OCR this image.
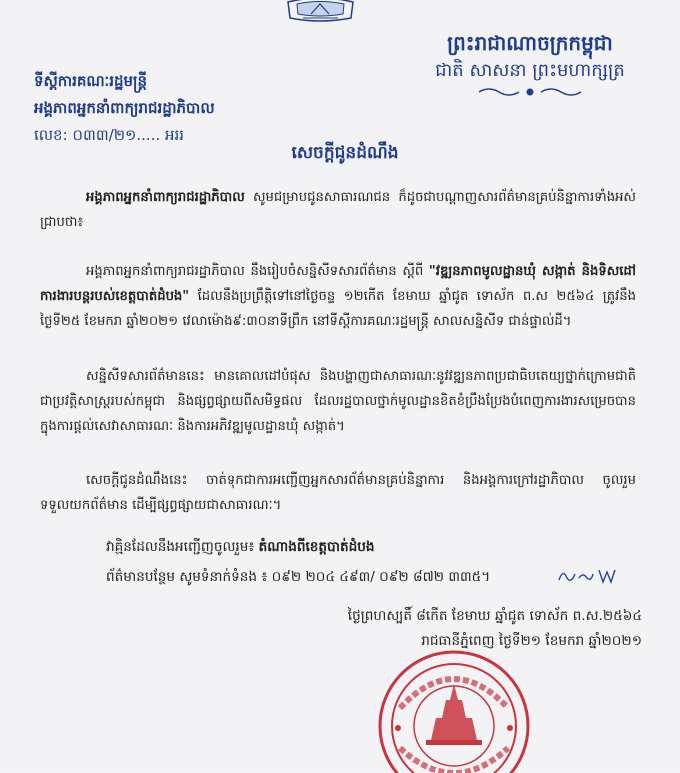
ព្រះរាជាណាចក្រកម្ពុជា
ជាតិ សាសនា ព្រះមហាក្សត្រ
ទីស្ដីការគណៈរដ្ឋមន្ត្រី
អង្គភាពអ្នកនាំពាក្យរាជរដ្ឋាភិបាល
លេខ: ០៣៣/២១..... អររ
សេចក្ដីជូនដំណឹង
អង្គភាពអ្នកនាំពាក្យរាជរដ្ឋាភិបាល សូមជម្រាបជូនសាធារណជន ក៏ដូចជាបណ្ដាញសារព័ត៌មានគ្រប់និន្នាការទាំងអស់ជ្រាបថា៖
អង្គភាពអ្នកនាំពាក្យរាជរដ្ឋាភិបាល នឹងរៀបចំសន្និសីទសារព័ត៌មាន ស្ដីពី "វឌ្ឍនភាពមូលដ្ឋានឃុំ សង្កាត់ និងទិសដៅការងារបន្តរបស់ខេត្តបាត់ដំបង" ដែលនឹងប្រព្រឹត្តិទៅនៅថ្ងៃចន្ទ ១២កើត ខែមាឃ ឆ្នាំជូត ទោស័ក ព.ស ២៥៦៤ ត្រូវនឹងថ្ងៃទី២៥ ខែមករា ឆ្នាំ២០២១ វេលាម៉ោង៩:៣០នាទីព្រឹក នៅទីស្ដីការគណៈរដ្ឋមន្ត្រី សាលសន្និសីទ ជាន់ផ្ទាល់ដី។
សន្និសីទសារព័ត៌មាននេះ មានគោលដៅបំផុស និងបង្ហាញជាសាធារណៈនូវវឌ្ឍនភាពប្រជាធិបតេយ្យថ្នាក់ក្រោមជាតិ ជាប្រវត្តិសាស្ត្ររបស់កម្ពុជា និងផ្សព្វផ្សាយពីសមិទ្ធផល ដែលរដ្ឋបាលថ្នាក់មូលដ្ឋានខិតខំប្រឹងប្រែងបំពេញការងារសម្រេចបាន ក្នុងការផ្ដល់សេវាសាធារណៈ និងការអភិវឌ្ឍមូលដ្ឋានឃុំ សង្កាត់។
សេចក្ដីជូនដំណឹងនេះ ចាត់ទុកជាការអញ្ជើញអ្នកសារព័ត៌មានគ្រប់និន្នាការ និងអង្គការក្រៅរដ្ឋាភិបាល ចូលរួមទទួលយកព័ត៌មាន ដើម្បីផ្សព្វផ្សាយជាសាធារណៈ។
វាគ្មិនដែលនឹងអញ្ជើញចូលរួម៖ តំណាងពីខេត្តបាត់ដំបង
ព័ត៌មានបន្ថែម សូមទំនាក់ទំនង ៖ ០៩២ ២០៤ ៤៩៣/ ០៩២ ៨៧២ ៣៣៥។
ថ្ងៃព្រហស្បតិ៍ ៨កើត ខែមាឃ ឆ្នាំជូត ទោស័ក ព.ស.២៥៦៤
រាជធានីភ្នំពេញ ថ្ងៃទី២១ ខែមករា ឆ្នាំ២០២១
